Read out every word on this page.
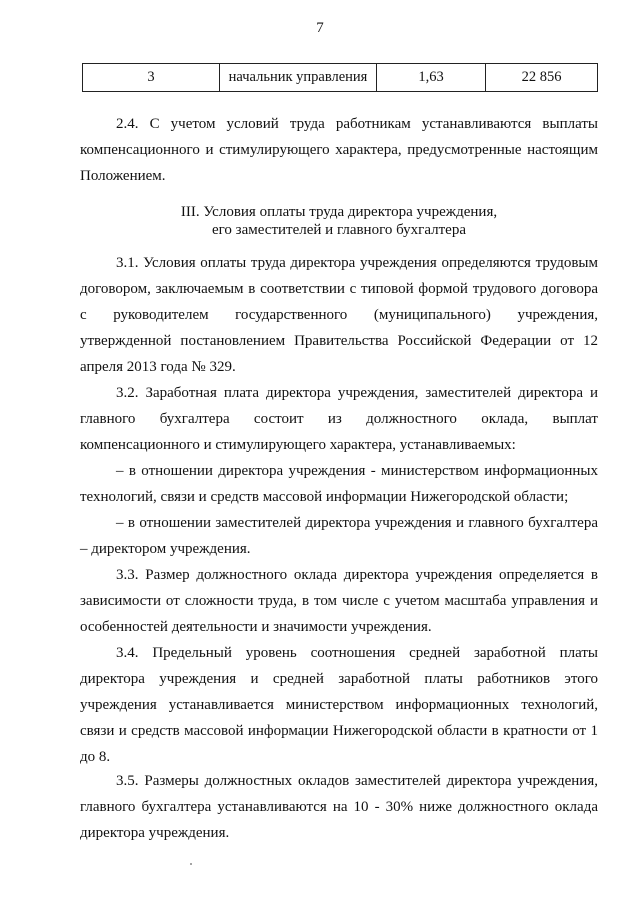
7
3	начальник управления	1,63	22 856

2.4. С учетом условий труда работникам устанавливаются выплаты компенсационного и стимулирующего характера, предусмотренные настоящим Положением.

III. Условия оплаты труда директора учреждения,
его заместителей и главного бухгалтера

3.1. Условия оплаты труда директора учреждения определяются трудовым договором, заключаемым в соответствии с типовой формой трудового договора с руководителем государственного (муниципального) учреждения, утвержденной постановлением Правительства Российской Федерации от 12 апреля 2013 года № 329.

3.2. Заработная плата директора учреждения, заместителей директора и главного бухгалтера состоит из должностного оклада, выплат компенсационного и стимулирующего характера, устанавливаемых:

– в отношении директора учреждения - министерством информационных технологий, связи и средств массовой информации Нижегородской области;

– в отношении заместителей директора учреждения и главного бухгалтера – директором учреждения.

3.3. Размер должностного оклада директора учреждения определяется в зависимости от сложности труда, в том числе с учетом масштаба управления и особенностей деятельности и значимости учреждения.

3.4. Предельный уровень соотношения средней заработной платы директора учреждения и средней заработной платы работников этого учреждения устанавливается министерством информационных технологий, связи и средств массовой информации Нижегородской области в кратности от 1 до 8.

3.5. Размеры должностных окладов заместителей директора учреждения, главного бухгалтера устанавливаются на 10 - 30% ниже должностного оклада директора учреждения.
